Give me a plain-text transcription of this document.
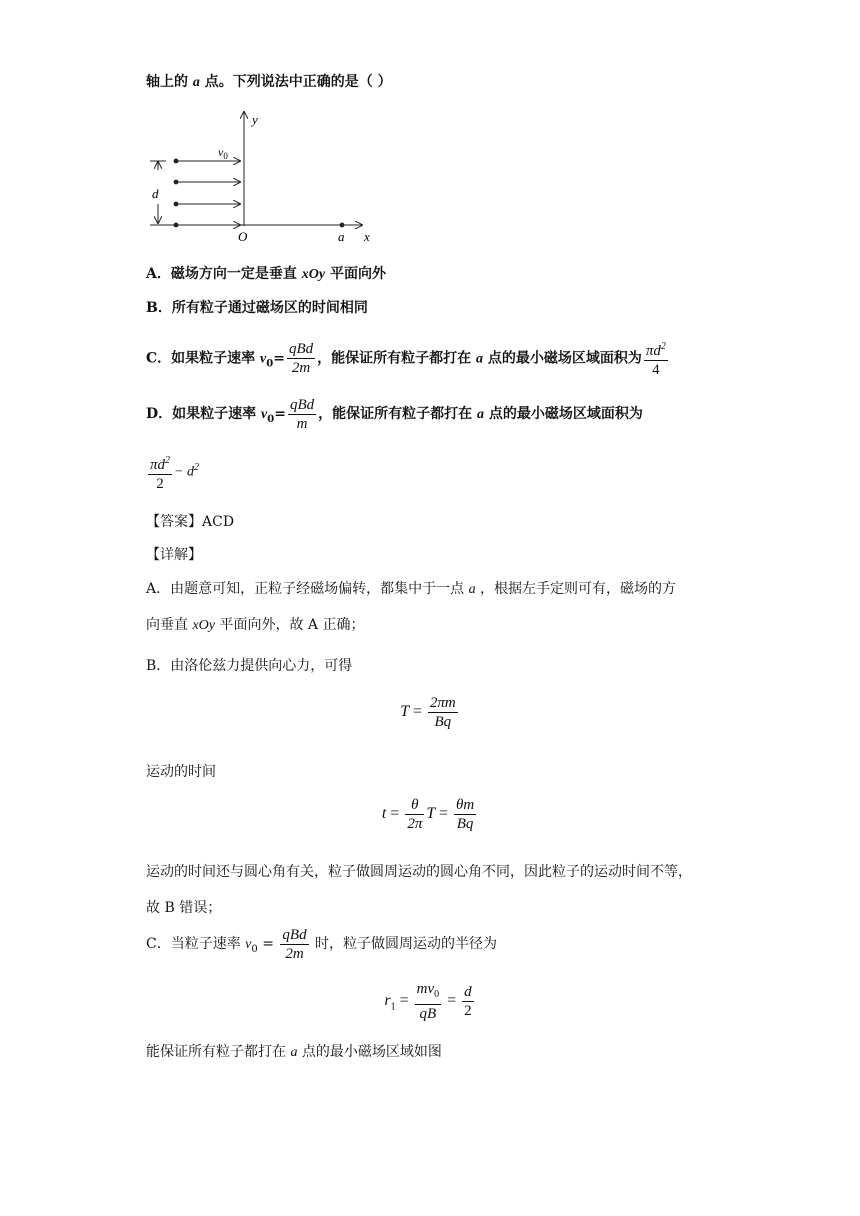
轴上的 a 点。下列说法中正确的是（ ）
y
x
$v_0$
d
O	a
A．磁场方向一定是垂直 xOy 平面向外
B．所有粒子通过磁场区的时间相同
C．如果粒子速率 $v_0= \frac{\text{qBd}}{2m}$ ，能保证所有粒子都打在 a 点的最小磁场区域面积为 $\frac{\pi d^2}{4}$
D．如果粒子速率 $v_0= \frac{\text{qBd}}{m}$ ，能保证所有粒子都打在 a 点的最小磁场区域面积为
$\frac{\pi d^2}{2} - d^2$
【答案】ACD
【详解】
A．由题意可知，正粒子经磁场偏转，都集中于一点 a ，根据左手定则可有，磁场的方
向垂直 xOy 平面向外，故 A 正确；
B．由洛伦兹力提供向心力，可得
$T = \frac{2\pi m}{Bq}$
运动的时间
$t = \frac{\theta}{2\pi}$ $T = \frac{\theta m}{Bq}$
运动的时间还与圆心角有关，粒子做圆周运动的圆心角不同，因此粒子的运动时间不等，
故 B 错误；
C．当粒子速率 $v_0 = \frac{\text{qBd}}{2m}$ 时，粒子做圆周运动的半径为
$r_1 = \frac{mv_0}{qB} = \frac{d}{2}$
能保证所有粒子都打在 a 点的最小磁场区域如图
